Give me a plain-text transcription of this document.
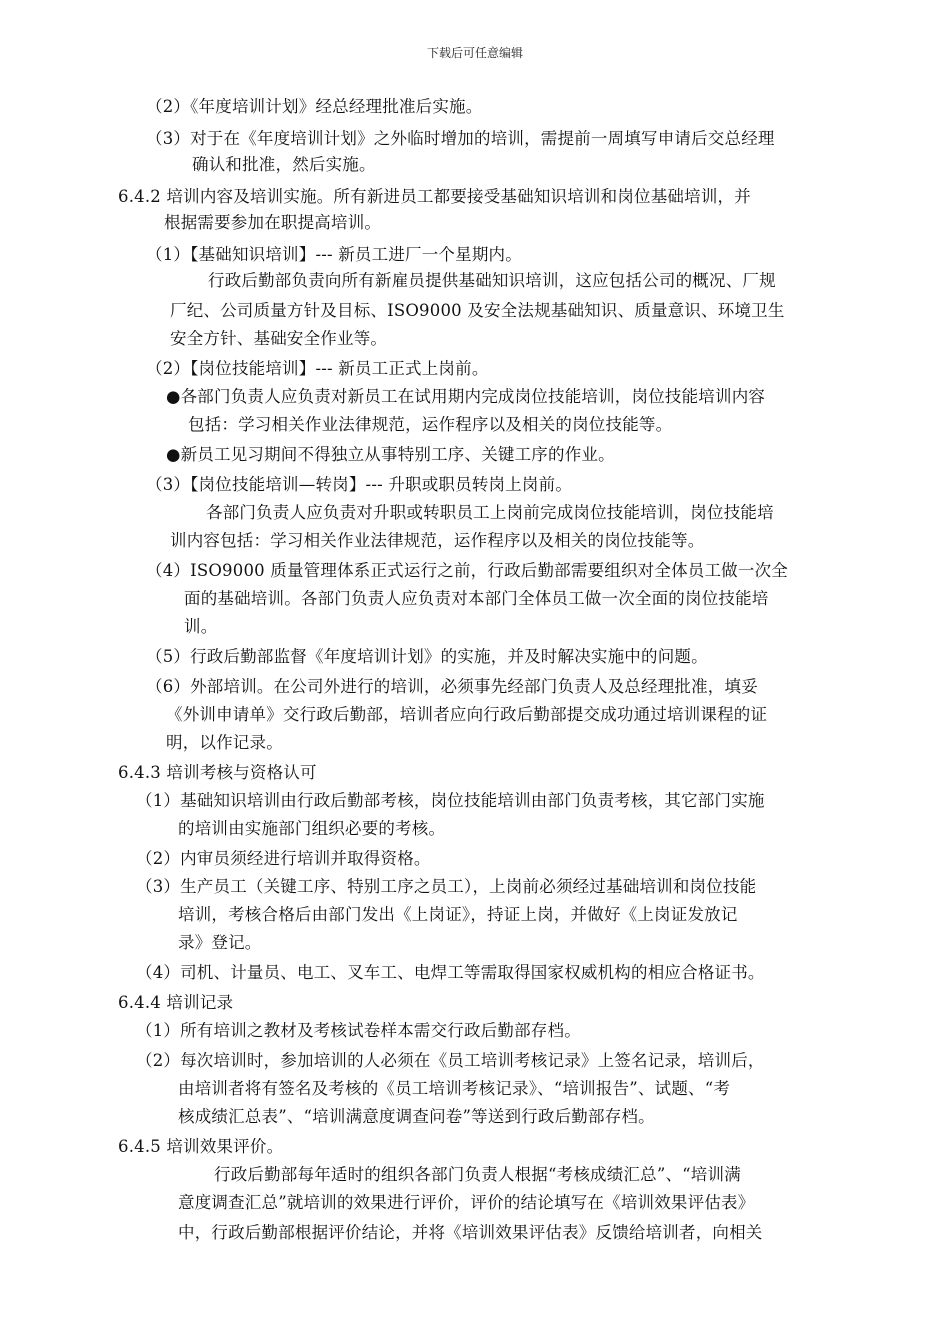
下载后可任意编辑
（2）《年度培训计划》经总经理批准后实施。
（3）对于在《年度培训计划》之外临时增加的培训，需提前一周填写申请后交总经理
确认和批准，然后实施。
6.4.2 培训内容及培训实施。所有新进员工都要接受基础知识培训和岗位基础培训，并
根据需要参加在职提高培训。
（1）【基础知识培训】--- 新员工进厂一个星期内。
行政后勤部负责向所有新雇员提供基础知识培训，这应包括公司的概况、厂规
厂纪、公司质量方针及目标、ISO9000 及安全法规基础知识、质量意识、环境卫生
安全方针、基础安全作业等。
（2）【岗位技能培训】--- 新员工正式上岗前。
●各部门负责人应负责对新员工在试用期内完成岗位技能培训，岗位技能培训内容
包括：学习相关作业法律规范，运作程序以及相关的岗位技能等。
●新员工见习期间不得独立从事特别工序、关键工序的作业。
（3）【岗位技能培训—转岗】--- 升职或职员转岗上岗前。
各部门负责人应负责对升职或转职员工上岗前完成岗位技能培训，岗位技能培
训内容包括：学习相关作业法律规范，运作程序以及相关的岗位技能等。
（4）ISO9000 质量管理体系正式运行之前，行政后勤部需要组织对全体员工做一次全
面的基础培训。各部门负责人应负责对本部门全体员工做一次全面的岗位技能培
训。
（5）行政后勤部监督《年度培训计划》的实施，并及时解决实施中的问题。
（6）外部培训。在公司外进行的培训，必须事先经部门负责人及总经理批准，填妥
《外训申请单》交行政后勤部，培训者应向行政后勤部提交成功通过培训课程的证
明，以作记录。
6.4.3 培训考核与资格认可
（1）基础知识培训由行政后勤部考核，岗位技能培训由部门负责考核，其它部门实施
的培训由实施部门组织必要的考核。
（2）内审员须经进行培训并取得资格。
（3）生产员工（关键工序、特别工序之员工），上岗前必须经过基础培训和岗位技能
培训，考核合格后由部门发出《上岗证》，持证上岗，并做好《上岗证发放记
录》登记。
（4）司机、计量员、电工、叉车工、电焊工等需取得国家权威机构的相应合格证书。
6.4.4 培训记录
（1）所有培训之教材及考核试卷样本需交行政后勤部存档。
（2）每次培训时，参加培训的人必须在《员工培训考核记录》上签名记录，培训后，
由培训者将有签名及考核的《员工培训考核记录》、“培训报告”、试题、“考
核成绩汇总表”、“培训满意度调查问卷”等送到行政后勤部存档。
6.4.5 培训效果评价。
行政后勤部每年适时的组织各部门负责人根据“考核成绩汇总”、“培训满
意度调查汇总”就培训的效果进行评价，评价的结论填写在《培训效果评估表》
中，行政后勤部根据评价结论，并将《培训效果评估表》反馈给培训者，向相关
